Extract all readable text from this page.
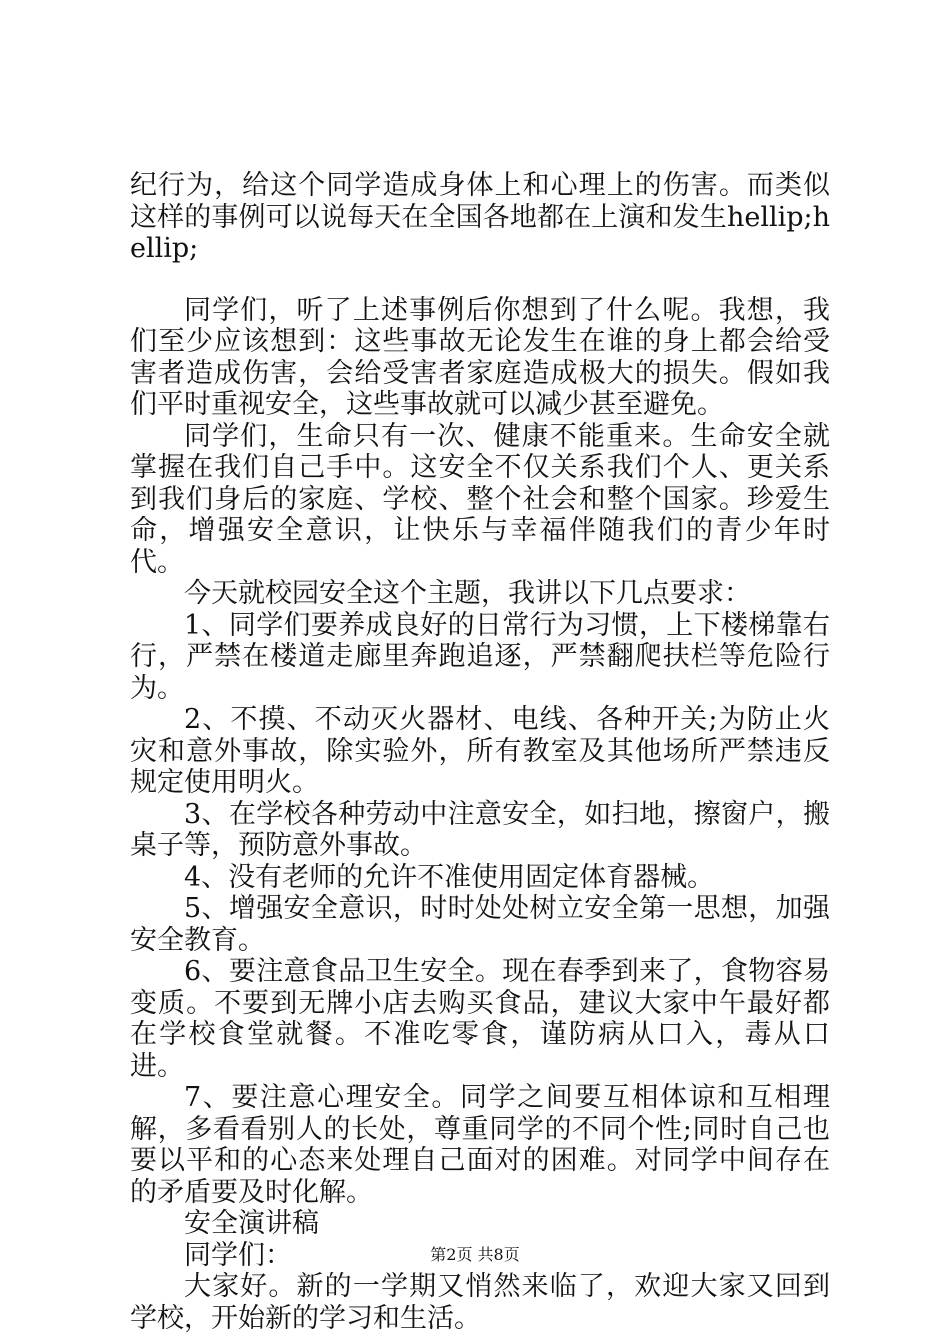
纪行为，给这个同学造成身体上和心理上的伤害。而类似这样的事例可以说每天在全国各地都在上演和发生hellip;hellip;

同学们，听了上述事例后你想到了什么呢。我想，我们至少应该想到：这些事故无论发生在谁的身上都会给受害者造成伤害，会给受害者家庭造成极大的损失。假如我们平时重视安全，这些事故就可以减少甚至避免。

同学们，生命只有一次、健康不能重来。生命安全就掌握在我们自己手中。这安全不仅关系我们个人、更关系到我们身后的家庭、学校、整个社会和整个国家。珍爱生命，增强安全意识，让快乐与幸福伴随我们的青少年时代。

今天就校园安全这个主题，我讲以下几点要求：

1、同学们要养成良好的日常行为习惯，上下楼梯靠右行，严禁在楼道走廊里奔跑追逐，严禁翻爬扶栏等危险行为。

2、不摸、不动灭火器材、电线、各种开关;为防止火灾和意外事故，除实验外，所有教室及其他场所严禁违反规定使用明火。

3、在学校各种劳动中注意安全，如扫地，擦窗户，搬桌子等，预防意外事故。

4、没有老师的允许不准使用固定体育器械。

5、增强安全意识，时时处处树立安全第一思想，加强安全教育。

6、要注意食品卫生安全。现在春季到来了，食物容易变质。不要到无牌小店去购买食品，建议大家中午最好都在学校食堂就餐。不准吃零食，谨防病从口入，毒从口进。

7、要注意心理安全。同学之间要互相体谅和互相理解，多看看别人的长处，尊重同学的不同个性;同时自己也要以平和的心态来处理自己面对的困难。对同学中间存在的矛盾要及时化解。

安全演讲稿

同学们：

大家好。新的一学期又悄然来临了，欢迎大家又回到学校，开始新的学习和生活。

第2页 共8页
